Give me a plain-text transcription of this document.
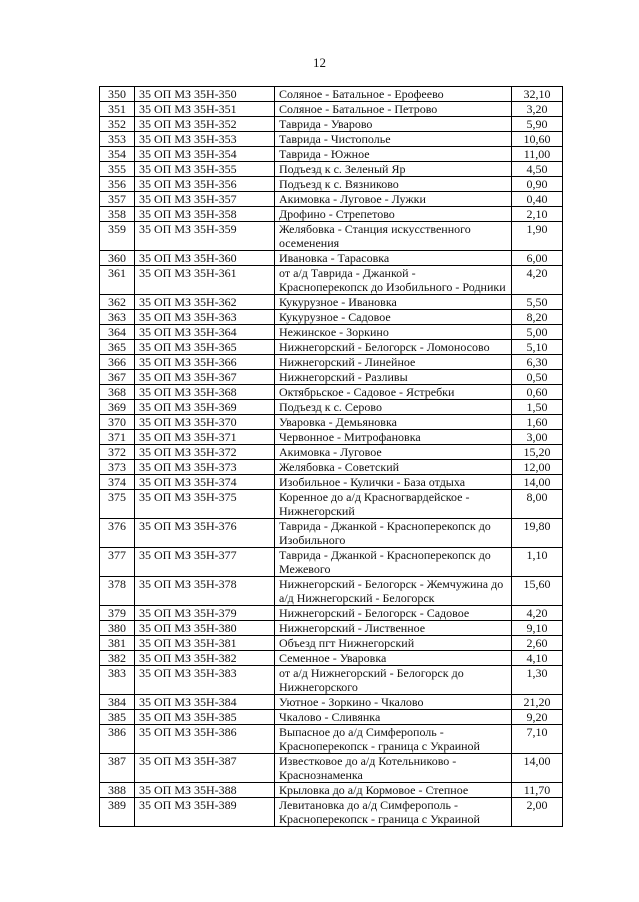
12
350	35 ОП МЗ 35Н-350	Соляное - Батальное - Ерофеево	32,10
351	35 ОП МЗ 35Н-351	Соляное - Батальное - Петрово	3,20
352	35 ОП МЗ 35Н-352	Таврида - Уварово	5,90
353	35 ОП МЗ 35Н-353	Таврида - Чистополье	10,60
354	35 ОП МЗ 35Н-354	Таврида - Южное	11,00
355	35 ОП МЗ 35Н-355	Подъезд к с. Зеленый Яр	4,50
356	35 ОП МЗ 35Н-356	Подъезд к с. Вязниково	0,90
357	35 ОП МЗ 35Н-357	Акимовка - Луговое - Лужки	0,40
358	35 ОП МЗ 35Н-358	Дрофино - Стрепетово	2,10
359	35 ОП МЗ 35Н-359	Желябовка - Станция искусственного осеменения	1,90
360	35 ОП МЗ 35Н-360	Ивановка - Тарасовка	6,00
361	35 ОП МЗ 35Н-361	от а/д Таврида - Джанкой - Красноперекопск до Изобильного - Родники	4,20
362	35 ОП МЗ 35Н-362	Кукурузное - Ивановка	5,50
363	35 ОП МЗ 35Н-363	Кукурузное - Садовое	8,20
364	35 ОП МЗ 35Н-364	Нежинское - Зоркино	5,00
365	35 ОП МЗ 35Н-365	Нижнегорский - Белогорск - Ломоносово	5,10
366	35 ОП МЗ 35Н-366	Нижнегорский - Линейное	6,30
367	35 ОП МЗ 35Н-367	Нижнегорский - Разливы	0,50
368	35 ОП МЗ 35Н-368	Октябрьское - Садовое - Ястребки	0,60
369	35 ОП МЗ 35Н-369	Подъезд к с. Серово	1,50
370	35 ОП МЗ 35Н-370	Уваровка - Демьяновка	1,60
371	35 ОП МЗ 35Н-371	Червонное - Митрофановка	3,00
372	35 ОП МЗ 35Н-372	Акимовка - Луговое	15,20
373	35 ОП МЗ 35Н-373	Желябовка - Советский	12,00
374	35 ОП МЗ 35Н-374	Изобильное - Кулички - База отдыха	14,00
375	35 ОП МЗ 35Н-375	Коренное до а/д Красногвардейское - Нижнегорский	8,00
376	35 ОП МЗ 35Н-376	Таврида - Джанкой - Красноперекопск до Изобильного	19,80
377	35 ОП МЗ 35Н-377	Таврида - Джанкой - Красноперекопск до Межевого	1,10
378	35 ОП МЗ 35Н-378	Нижнегорский - Белогорск - Жемчужина до а/д Нижнегорский - Белогорск	15,60
379	35 ОП МЗ 35Н-379	Нижнегорский - Белогорск - Садовое	4,20
380	35 ОП МЗ 35Н-380	Нижнегорский - Лиственное	9,10
381	35 ОП МЗ 35Н-381	Объезд пгт Нижнегорский	2,60
382	35 ОП МЗ 35Н-382	Семенное - Уваровка	4,10
383	35 ОП МЗ 35Н-383	от а/д Нижнегорский - Белогорск до Нижнегорского	1,30
384	35 ОП МЗ 35Н-384	Уютное - Зоркино - Чкалово	21,20
385	35 ОП МЗ 35Н-385	Чкалово - Сливянка	9,20
386	35 ОП МЗ 35Н-386	Выпасное до а/д Симферополь - Красноперекопск - граница с Украиной	7,10
387	35 ОП МЗ 35Н-387	Известковое до а/д Котельниково - Краснознаменка	14,00
388	35 ОП МЗ 35Н-388	Крыловка до а/д Кормовое - Степное	11,70
389	35 ОП МЗ 35Н-389	Левитановка до а/д Симферополь - Красноперекопск - граница с Украиной	2,00
